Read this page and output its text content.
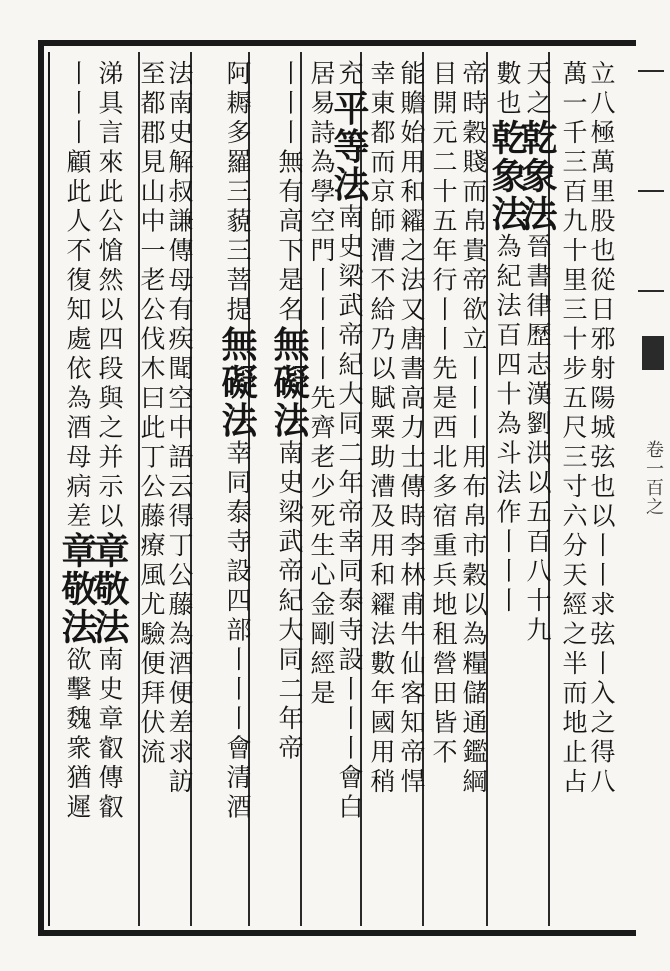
立八極萬里股也從日邪射陽城弦也以丨丨求弦丨入之得八
萬一千三百九十里三十步五尺三寸六分天經之半而地止占
天之乾象法晉書律歷志漢劉洪以五百八十九
數也乾象法為紀法百四十為斗法作丨丨丨
帝時穀賤而帛貴帝欲立丨丨丨用布帛市穀以為糧儲通鑑綱
目開元二十五年行丨丨先是西北多宿重兵地租營田皆不
能贍始用和糴之法又唐書高力士傳時李林甫牛仙客知帝悍
幸東都而京師漕不給乃以賦粟助漕及用和糴法數年國用稍
充平等法南史梁武帝紀大同二年帝幸同泰寺設丨丨丨會白
居易詩為學空門丨丨丨丨先齊老少死生心金剛經是
丨丨丨無有高下是名無礙法南史梁武帝紀大同二年帝
阿耨多羅三藐三菩提無礙法幸同泰寺設四部丨丨丨會清酒
法南史解叔謙傳母有疾聞空中語云得丁公藤為酒便差求訪
至都郡見山中一老公伐木曰此丁公藤療風尤驗便拜伏流
涕具言來此公愴然以四段與之并示以章敬法南史章叡傳叡
丨丨丨顧此人不復知處依為酒母病差章敬法欲擊魏衆猶遲
卷一百之
